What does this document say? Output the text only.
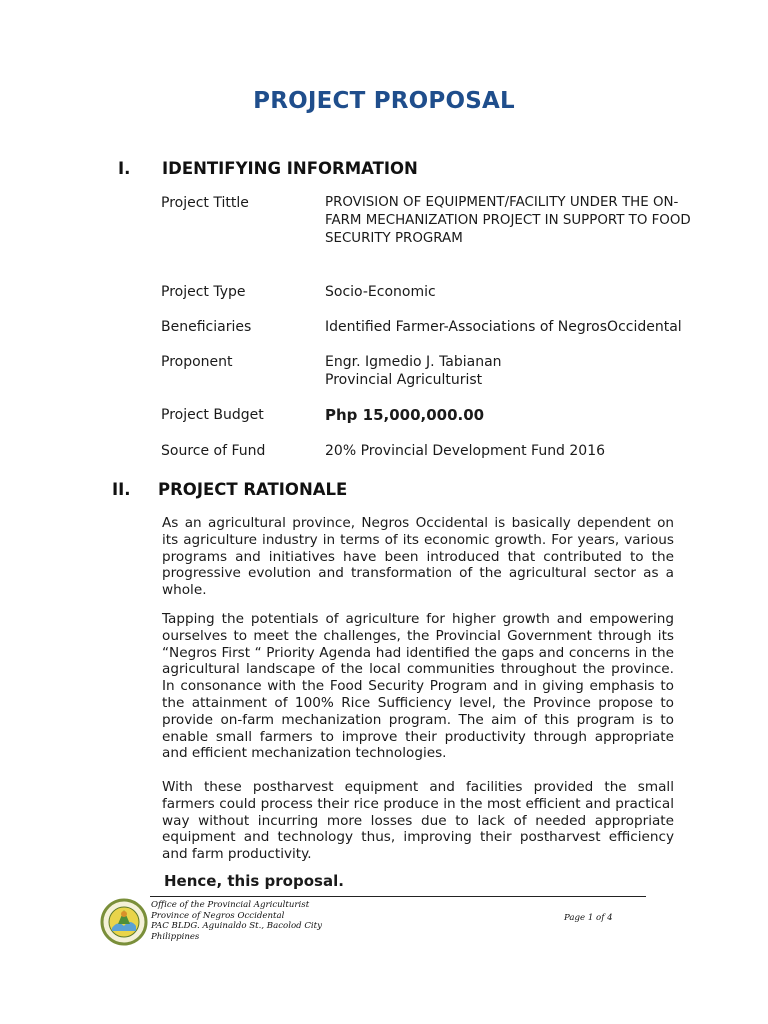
PROJECT PROPOSAL
I. IDENTIFYING INFORMATION
Project Tittle	PROVISION OF EQUIPMENT/FACILITY UNDER THE ON-FARM MECHANIZATION PROJECT IN SUPPORT TO FOOD SECURITY PROGRAM
Project Type	Socio-Economic
Beneficiaries	Identified Farmer-Associations of NegrosOccidental
Proponent	Engr. Igmedio J. Tabianan
Provincial Agriculturist
Project Budget	Php 15,000,000.00
Source of Fund	20% Provincial Development Fund 2016
II. PROJECT RATIONALE

As an agricultural province, Negros Occidental is basically dependent on its agriculture industry in terms of its economic growth. For years, various programs and initiatives have been introduced that contributed to the progressive evolution and transformation of the agricultural sector as a whole.

Tapping the potentials of agriculture for higher growth and empowering ourselves to meet the challenges, the Provincial Government through its “Negros First “ Priority Agenda had identified the gaps and concerns in the agricultural landscape of the local communities throughout the province. In consonance with the Food Security Program and in giving emphasis to the attainment of 100% Rice Sufficiency level, the Province propose to provide on-farm mechanization program. The aim of this program is to enable small farmers to improve their productivity through appropriate and efficient mechanization technologies.

With these postharvest equipment and facilities provided the small farmers could process their rice produce in the most efficient and practical way without incurring more losses due to lack of needed appropriate equipment and technology thus, improving their postharvest efficiency and farm productivity.

Hence, this proposal.
Office of the Provincial Agriculturist
Province of Negros Occidental
PAC BLDG. Aguinaldo St., Bacolod City
Philippines
Page 1 of 4
